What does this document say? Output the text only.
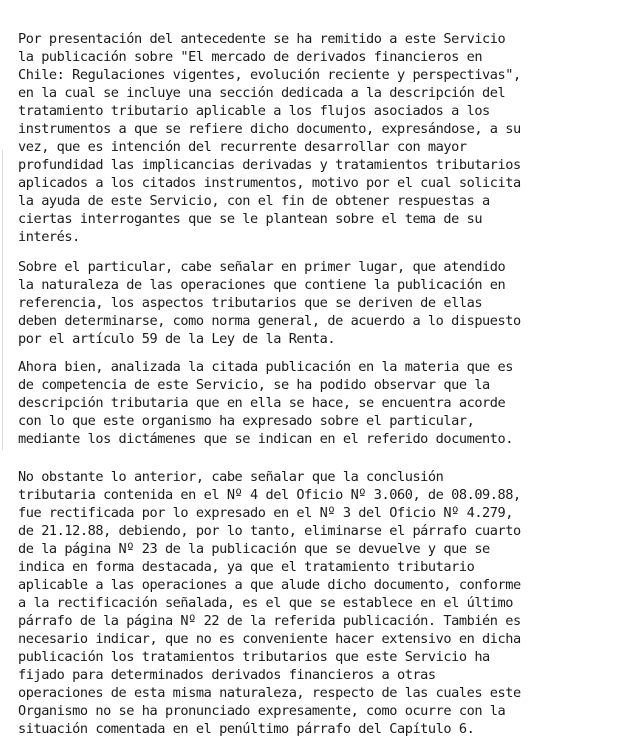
Por presentación del antecedente se ha remitido a este Servicio
la publicación sobre "El mercado de derivados financieros en
Chile: Regulaciones vigentes, evolución reciente y perspectivas",
en la cual se incluye una sección dedicada a la descripción del
tratamiento tributario aplicable a los flujos asociados a los
instrumentos a que se refiere dicho documento, expresándose, a su
vez, que es intención del recurrente desarrollar con mayor
profundidad las implicancias derivadas y tratamientos tributarios
aplicados a los citados instrumentos, motivo por el cual solicita
la ayuda de este Servicio, con el fin de obtener respuestas a
ciertas interrogantes que se le plantean sobre el tema de su
interés.
Sobre el particular, cabe señalar en primer lugar, que atendido
la naturaleza de las operaciones que contiene la publicación en
referencia, los aspectos tributarios que se deriven de ellas
deben determinarse, como norma general, de acuerdo a lo dispuesto
por el artículo 59 de la Ley de la Renta.
Ahora bien, analizada la citada publicación en la materia que es
de competencia de este Servicio, se ha podido observar que la
descripción tributaria que en ella se hace, se encuentra acorde
con lo que este organismo ha expresado sobre el particular,
mediante los dictámenes que se indican en el referido documento.
No obstante lo anterior, cabe señalar que la conclusión
tributaria contenida en el Nº 4 del Oficio Nº 3.060, de 08.09.88,
fue rectificada por lo expresado en el Nº 3 del Oficio Nº 4.279,
de 21.12.88, debiendo, por lo tanto, eliminarse el párrafo cuarto
de la página Nº 23 de la publicación que se devuelve y que se
indica en forma destacada, ya que el tratamiento tributario
aplicable a las operaciones a que alude dicho documento, conforme
a la rectificación señalada, es el que se establece en el último
párrafo de la página Nº 22 de la referida publicación. También es
necesario indicar, que no es conveniente hacer extensivo en dicha
publicación los tratamientos tributarios que este Servicio ha
fijado para determinados derivados financieros a otras
operaciones de esta misma naturaleza, respecto de las cuales este
Organismo no se ha pronunciado expresamente, como ocurre con la
situación comentada en el penúltimo párrafo del Capítulo 6.
